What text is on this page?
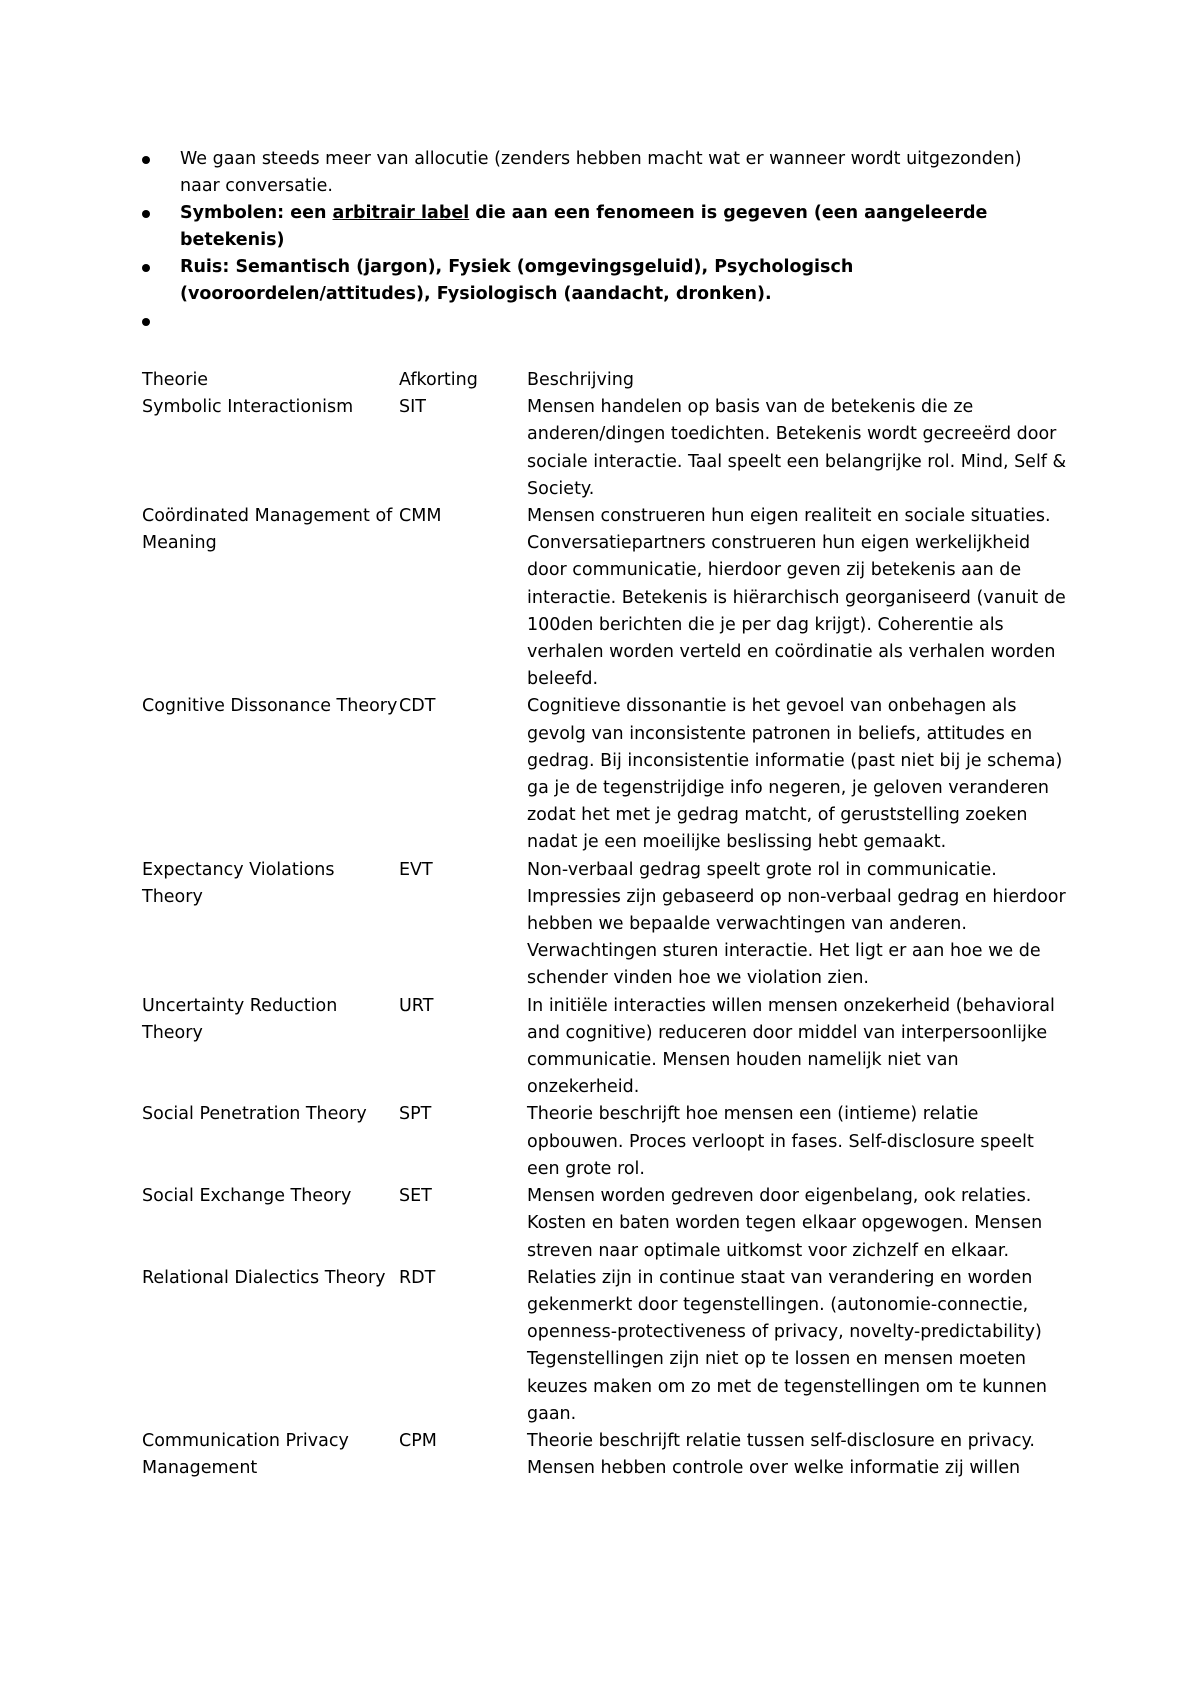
We gaan steeds meer van allocutie (zenders hebben macht wat er wanneer wordt uitgezonden) naar conversatie.
Symbolen: een arbitrair label die aan een fenomeen is gegeven (een aangeleerde betekenis)
Ruis: Semantisch (jargon), Fysiek (omgevingsgeluid), Psychologisch (vooroordelen/attitudes), Fysiologisch (aandacht, dronken).
Theorie	Afkorting	Beschrijving
Symbolic Interactionism	SIT	Mensen handelen op basis van de betekenis die ze anderen/dingen toedichten. Betekenis wordt gecreeërd door sociale interactie. Taal speelt een belangrijke rol. Mind, Self & Society.
Coördinated Management of Meaning	CMM	Mensen construeren hun eigen realiteit en sociale situaties. Conversatiepartners construeren hun eigen werkelijkheid door communicatie, hierdoor geven zij betekenis aan de interactie. Betekenis is hiërarchisch georganiseerd (vanuit de 100den berichten die je per dag krijgt). Coherentie als verhalen worden verteld en coördinatie als verhalen worden beleefd.
Cognitive Dissonance Theory	CDT	Cognitieve dissonantie is het gevoel van onbehagen als gevolg van inconsistente patronen in beliefs, attitudes en gedrag. Bij inconsistentie informatie (past niet bij je schema) ga je de tegenstrijdige info negeren, je geloven veranderen zodat het met je gedrag matcht, of geruststelling zoeken nadat je een moeilijke beslissing hebt gemaakt.
Expectancy Violations Theory	EVT	Non-verbaal gedrag speelt grote rol in communicatie. Impressies zijn gebaseerd op non-verbaal gedrag en hierdoor hebben we bepaalde verwachtingen van anderen. Verwachtingen sturen interactie. Het ligt er aan hoe we de schender vinden hoe we violation zien.
Uncertainty Reduction Theory	URT	In initiële interacties willen mensen onzekerheid (behavioral and cognitive) reduceren door middel van interpersoonlijke communicatie. Mensen houden namelijk niet van onzekerheid.
Social Penetration Theory	SPT	Theorie beschrijft hoe mensen een (intieme) relatie opbouwen. Proces verloopt in fases. Self-disclosure speelt een grote rol.
Social Exchange Theory	SET	Mensen worden gedreven door eigenbelang, ook relaties. Kosten en baten worden tegen elkaar opgewogen. Mensen streven naar optimale uitkomst voor zichzelf en elkaar.
Relational Dialectics Theory	RDT	Relaties zijn in continue staat van verandering en worden gekenmerkt door tegenstellingen. (autonomie-connectie, openness-protectiveness of privacy, novelty-predictability) Tegenstellingen zijn niet op te lossen en mensen moeten keuzes maken om zo met de tegenstellingen om te kunnen gaan.
Communication Privacy Management	CPM	Theorie beschrijft relatie tussen self-disclosure en privacy. Mensen hebben controle over welke informatie zij willen
